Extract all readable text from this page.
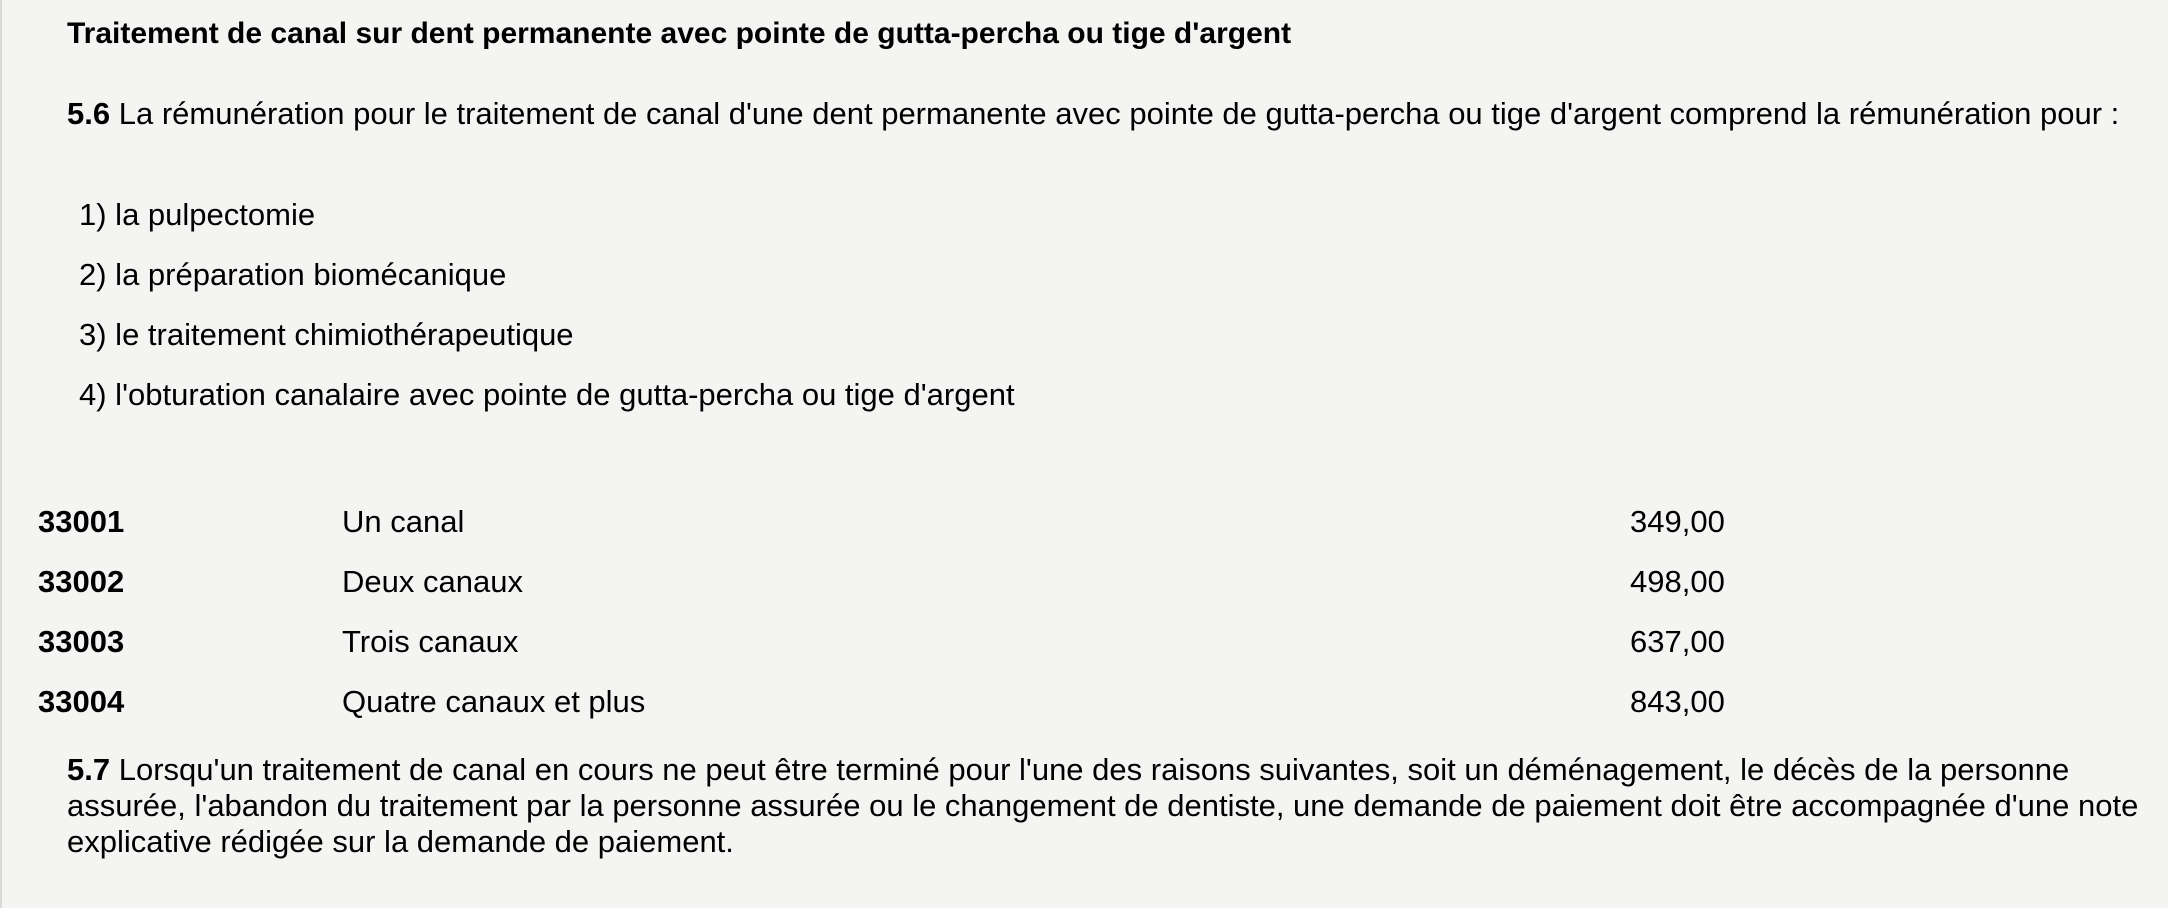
Traitement de canal sur dent permanente avec pointe de gutta-percha ou tige d'argent
5.6 La rémunération pour le traitement de canal d'une dent permanente avec pointe de gutta-percha ou tige d'argent comprend la rémunération pour :
1) la pulpectomie
2) la préparation biomécanique
3) le traitement chimiothérapeutique
4) l'obturation canalaire avec pointe de gutta-percha ou tige d'argent
33001	Un canal	349,00
33002	Deux canaux	498,00
33003	Trois canaux	637,00
33004	Quatre canaux et plus	843,00
5.7 Lorsqu'un traitement de canal en cours ne peut être terminé pour l'une des raisons suivantes, soit un déménagement, le décès de la personne assurée, l'abandon du traitement par la personne assurée ou le changement de dentiste, une demande de paiement doit être accompagnée d'une note explicative rédigée sur la demande de paiement.
